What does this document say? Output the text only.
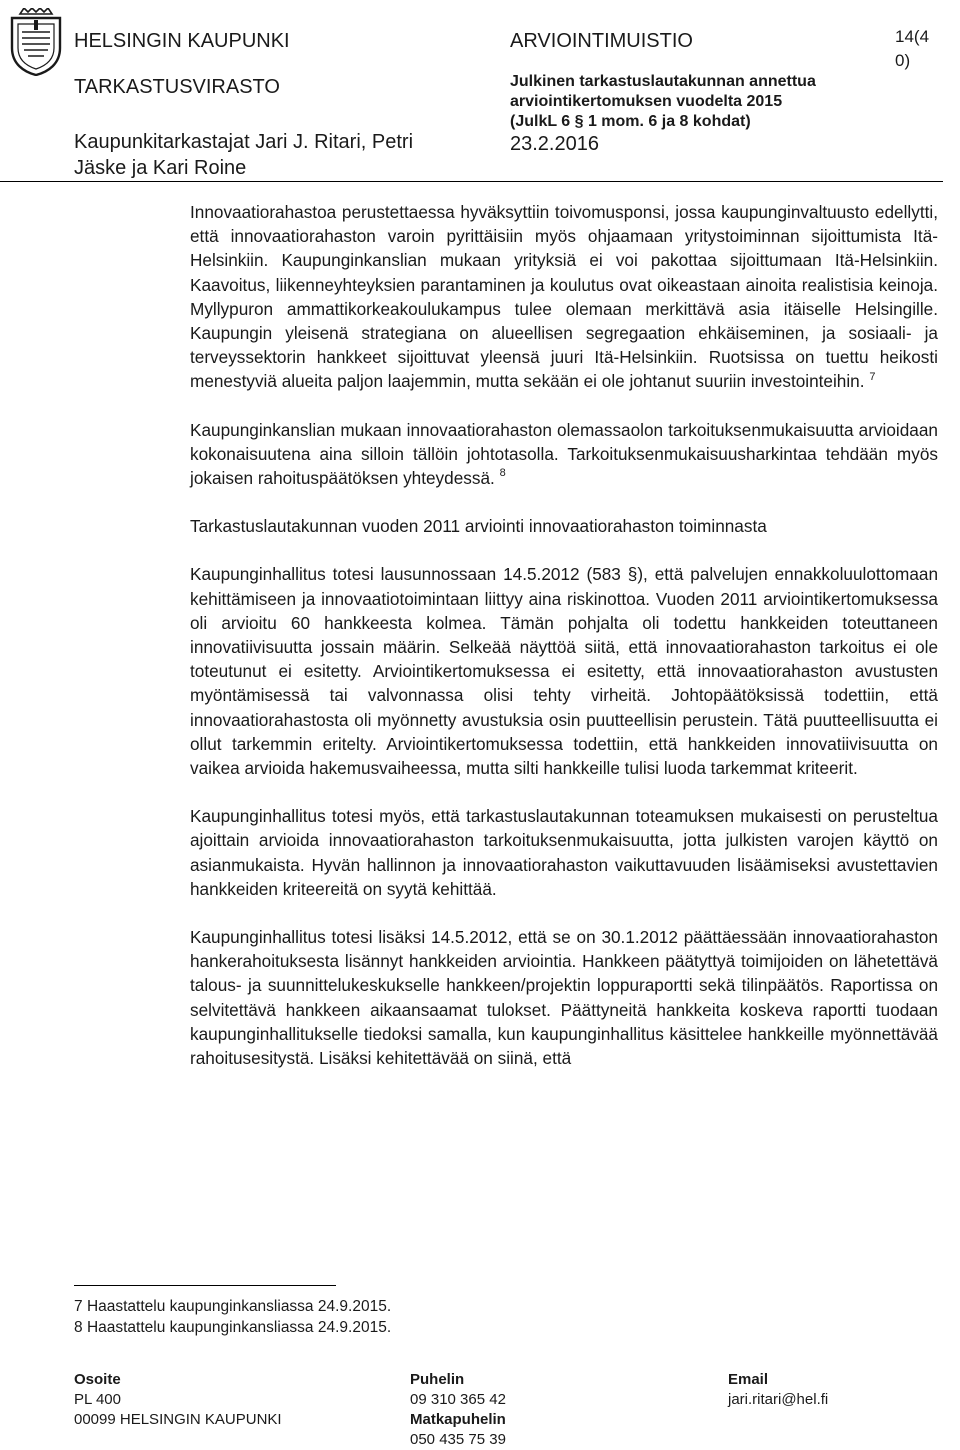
HELSINGIN KAUPUNKI
TARKASTUSVIRASTO
Kaupunkitarkastajat Jari J. Ritari, Petri
Jäske ja Kari Roine
ARVIOINTIMUISTIO
Julkinen tarkastuslautakunnan annettua
arviointikertomuksen vuodelta 2015
(JulkL 6 § 1 mom. 6 ja 8 kohdat)
23.2.2016
14(4
0)

Innovaatiorahastoa perustettaessa hyväksyttiin toivomusponsi, jossa kaupunginvaltuusto edellytti, että innovaatiorahaston varoin pyrittäisiin myös ohjaamaan yritystoiminnan sijoittumista Itä-Helsinkiin. Kaupunginkanslian mukaan yrityksiä ei voi pakottaa sijoittumaan Itä-Helsinkiin. Kaavoitus, liikenneyhteyksien parantaminen ja koulutus ovat oikeastaan ainoita realistisia keinoja. Myllypuron ammattikorkeakoulukampus tulee olemaan merkittävä asia itäiselle Helsingille. Kaupungin yleisenä strategiana on alueellisen segregaation ehkäiseminen, ja sosiaali- ja terveyssektorin hankkeet sijoittuvat yleensä juuri Itä-Helsinkiin. Ruotsissa on tuettu heikosti menestyviä alueita paljon laajemmin, mutta sekään ei ole johtanut suuriin investointeihin. $^7$

Kaupunginkanslian mukaan innovaatiorahaston olemassaolon tarkoituksenmukaisuutta arvioidaan kokonaisuutena aina silloin tällöin johtotasolla. Tarkoituksenmukaisuusharkintaa tehdään myös jokaisen rahoituspäätöksen yhteydessä. $^8$

Tarkastuslautakunnan vuoden 2011 arviointi innovaatiorahaston toiminnasta

Kaupunginhallitus totesi lausunnossaan 14.5.2012 (583 §), että palvelujen ennakkoluulottomaan kehittämiseen ja innovaatiotoimintaan liittyy aina riskinottoa. Vuoden 2011 arviointikertomuksessa oli arvioitu 60 hankkeesta kolmea. Tämän pohjalta oli todettu hankkeiden toteuttaneen innovatiivisuutta jossain määrin. Selkeää näyttöä siitä, että innovaatiorahaston tarkoitus ei ole toteutunut ei esitetty. Arviointikertomuksessa ei esitetty, että innovaatiorahaston avustusten myöntämisessä tai valvonnassa olisi tehty virheitä. Johtopäätöksissä todettiin, että innovaatiorahastosta oli myönnetty avustuksia osin puutteellisin perustein. Tätä puutteellisuutta ei ollut tarkemmin eritelty. Arviointikertomuksessa todettiin, että hankkeiden innovatiivisuutta on vaikea arvioida hakemusvaiheessa, mutta silti hankkeille tulisi luoda tarkemmat kriteerit.

Kaupunginhallitus totesi myös, että tarkastuslautakunnan toteamuksen mukaisesti on perusteltua ajoittain arvioida innovaatiorahaston tarkoituksenmukaisuutta, jotta julkisten varojen käyttö on asianmukaista. Hyvän hallinnon ja innovaatiorahaston vaikuttavuuden lisäämiseksi avustettavien hankkeiden kriteereitä on syytä kehittää.

Kaupunginhallitus totesi lisäksi 14.5.2012, että se on 30.1.2012 päättäessään innovaatiorahaston hankerahoituksesta lisännyt hankkeiden arviointia. Hankkeen päätyttyä toimijoiden on lähetettävä talous- ja suunnittelukeskukselle hankkeen/projektin loppuraportti sekä tilinpäätös. Raportissa on selvitettävä hankkeen aikaansaamat tulokset. Päättyneitä hankkeita koskeva raportti tuodaan kaupunginhallitukselle tiedoksi samalla, kun kaupunginhallitus käsittelee hankkeille myönnettävää rahoitusesitystä. Lisäksi kehitettävää on siinä, että

7 Haastattelu kaupunginkansliassa 24.9.2015.
8 Haastattelu kaupunginkansliassa 24.9.2015.
Osoite
PL 400
00099 HELSINGIN KAUPUNKI
Puhelin
09 310 365 42
Matkapuhelin
050 435 75 39
Email
jari.ritari@hel.fi
